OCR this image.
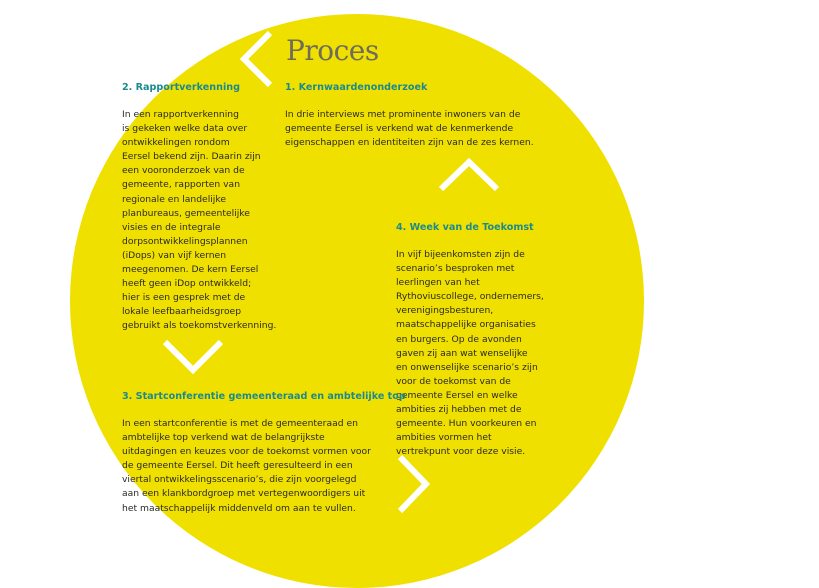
Proces
2. Rapportverkenning
In een rapportverkenning
is gekeken welke data over
ontwikkelingen rondom
Eersel bekend zijn. Daarin zijn
een vooronderzoek van de
gemeente, rapporten van
regionale en landelijke
planbureaus, gemeentelijke
visies en de integrale
dorpsontwikkelingsplannen
(iDops) van vijf kernen
meegenomen. De kern Eersel
heeft geen iDop ontwikkeld;
hier is een gesprek met de
lokale leefbaarheidsgroep
gebruikt als toekomstverkenning.
1. Kernwaardenonderzoek
In drie interviews met prominente inwoners van de
gemeente Eersel is verkend wat de kenmerkende
eigenschappen en identiteiten zijn van de zes kernen.
4. Week van de Toekomst
In vijf bijeenkomsten zijn de
scenario’s besproken met
leerlingen van het
Rythoviuscollege, ondernemers,
verenigingsbesturen,
maatschappelijke organisaties
en burgers. Op de avonden
gaven zij aan wat wenselijke
en onwenselijke scenario’s zijn
voor de toekomst van de
gemeente Eersel en welke
ambities zij hebben met de
gemeente. Hun voorkeuren en
ambities vormen het
vertrekpunt voor deze visie.
3. Startconferentie gemeenteraad en ambtelijke top
In een startconferentie is met de gemeenteraad en
ambtelijke top verkend wat de belangrijkste
uitdagingen en keuzes voor de toekomst vormen voor
de gemeente Eersel. Dit heeft geresulteerd in een
viertal ontwikkelingsscenario’s, die zijn voorgelegd
aan een klankbordgroep met vertegenwoordigers uit
het maatschappelijk middenveld om aan te vullen.
